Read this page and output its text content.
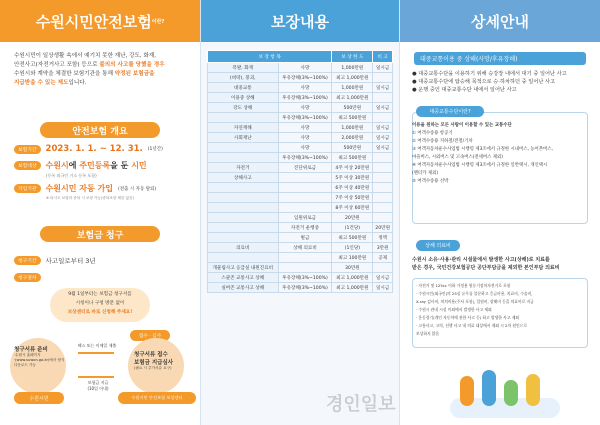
수원시민 안전보험 이란?
수원시민이 일상생활 속에서 예기치 못한 재난, 강도, 화재,
안전사고(자전거사고 포함) 등으로 불의의 사고를 당했을 경우
수원시와 계약을 체결한 보험기관을 통해 약정된 보험금을
지급받을 수 있는 제도입니다.
안전보험 개요
보험기간	2023. 1. 1. ~ 12. 31. (1년간)
보험대상	수원시에 주민등록을 둔 시민
(등록 외국인 거소 등록 포함)
가입기관	수원시민 자동 가입 (전출 시 자동 탈퇴)
※ 타시도 보험과 중복 시 보장 가능(중복보장 제한 없음)
보험금 청구
청구기간	사고일로부터 3년
청구절차
9월 1일부터는 보험금 청구서를
시청이나 구청 방문 없이
보상센터로 바로 신청해 주세요!
청구서류 준비
·수원시 홈페이지 ·(www.suwon.go.kr)에서 양식 다운로드 가능
수원시민
팩스 또는 이메일 제출
보험금 지급
(10일 이내)
접수 · 심사
청구서류 접수
보험금 지급심사
(필요 시 추가서류 요구)
수원시민 안전보험 보상센터
보장내용
보 장 항 목		보 상 한 도	비 고
폭발, 화재	사망	1,000만원	일시금
(벼락), 붕괴,	후유장해(3%~100%)	최고 1,000만원	
대중교통	사망	1,000만원	일시금
이용중 상해	후유장해(3%~100%)	최고 1,000만원	
강도 상해	사망	500만원	일시금
	후유장해(3%~100%)	최고 500만원	
자연재해	사망	1,000만원	일시금
사회재난	사망	2,000만원	일시금
	사망	500만원	일시금
	후유장해(3%~100%)	최고 500만원	
자전거	진단위로금	4주 이상 20만원	
상해사고		5주 이상 30만원	
		6주 이상 40만원	
		7주 이상 50만원	
		8주 이상 60만원	
	입원위로금	20만원	
	자전거 운행중	(1건당)	20만원
	벌금	최고 500만원	정액
의료비	상해 의료비	(1인당)	3만원
		최고 100만원	공제
개물림사고 응급실 내원진료비		30만원	
스쿨존 교통사고 상해	후유장해(3%~100%)	최고 1,000만원	일시금
실버존 교통사고 상해	후유장해(3%~100%)	최고 1,000만원	일시금
상세안내
대중교통이용 중 상해(사망/후유장해)
● 대중교통수단을 이용하기 위해 승강장 내에서 대기 중 일어난 사고
● 대중교통수단에 탑승해 목적으로 승·하차하던 중 일어난 사고
● 운행 중인 대중교통수단 내에서 일어난 사고
대중교통수단이란?
이용을 원하는 모든 사람이 이용할 수 있는 교통수단
① 여객수송용 항공기
② 여객수송용 지하철/전철/기차
③ 여객자동차운수사업법 시행령 제3조에서 규정한 시내버스, 농어촌버스,
마을버스, 시외버스 및 고속버스(전세버스 제외)
④ 여객자동차운수사업법 시행령 제3조에서 규정한 일반택시, 개인택시
(렌터카 제외)
⑤ 여객수송용 선박
상해 의료비
수원시 소유·사용·관리 시설물에서 발생한 사고(상해)로 치료를
받은 경우, 국민건강보험공단 공단부담금을 제외한 본인부담 의료비
· 자전거 및 125cc 이하 가정용 원동기장치자전거로 포함
· 수원시민(외국인)의 25실 유무를 불문하고 응급비용, 치료비, 수술비,
X-ray 검사비, 처치비용(주사 포함), 입원비, 장해비 등을 의료비로 지급
· 수원시 관내 시설 이외에서 발생한 사고 제외
· 운동경기(개인 자동차에 관한 사고 등) 하고 발생한 사고 제외
· 고통사고, 고의, 선행 사고 내 의료 대상에서 제외 시 2차 원인으로
보상하지 않음
경인일보
